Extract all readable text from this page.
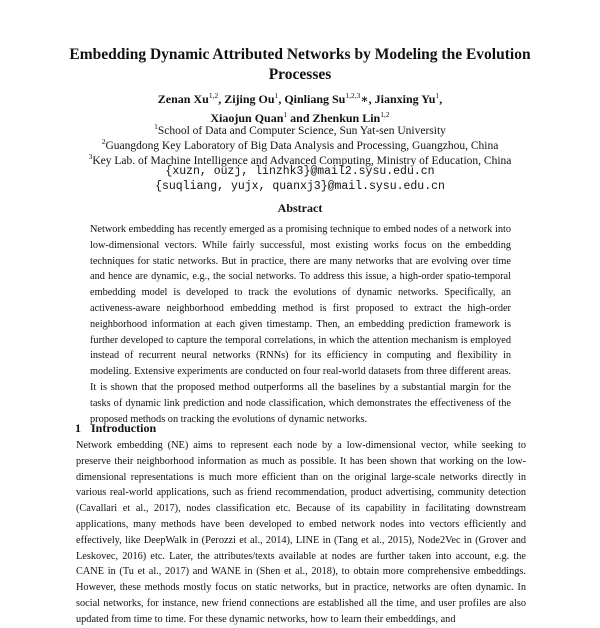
Embedding Dynamic Attributed Networks by Modeling the Evolution Processes
Zenan Xu$^{1,2}$, Zijing Ou$^1$, Qinliang Su$^{1,2,3}$∗, Jianxing Yu$^1$,
Xiaojun Quan$^1$ and Zhenkun Lin$^{1,2}$
$^1$School of Data and Computer Science, Sun Yat-sen University
$^2$Guangdong Key Laboratory of Big Data Analysis and Processing, Guangzhou, China
$^3$Key Lab. of Machine Intelligence and Advanced Computing, Ministry of Education, China
{xuzn, ouzj, linzhk3}@mail2.sysu.edu.cn
{suqliang, yujx, quanxj3}@mail.sysu.edu.cn
Abstract
Network embedding has recently emerged as a promising technique to embed nodes of a network into low-dimensional vectors. While fairly successful, most existing works focus on the embedding techniques for static networks. But in practice, there are many networks that are evolving over time and hence are dynamic, e.g., the social networks. To address this issue, a high-order spatio-temporal embedding model is developed to track the evolutions of dynamic networks. Specifically, an activeness-aware neighborhood embedding method is first proposed to extract the high-order neighborhood information at each given timestamp. Then, an embedding prediction framework is further developed to capture the temporal correlations, in which the attention mechanism is employed instead of recurrent neural networks (RNNs) for its efficiency in computing and flexibility in modeling. Extensive experiments are conducted on four real-world datasets from three different areas. It is shown that the proposed method outperforms all the baselines by a substantial margin for the tasks of dynamic link prediction and node classification, which demonstrates the effectiveness of the proposed methods on tracking the evolutions of dynamic networks.
1 Introduction
Network embedding (NE) aims to represent each node by a low-dimensional vector, while seeking to preserve their neighborhood information as much as possible. It has been shown that working on the low-dimensional representations is much more efficient than on the original large-scale networks directly in various real-world applications, such as friend recommendation, product advertising, community detection (Cavallari et al., 2017), nodes classification etc. Because of its capability in facilitating downstream applications, many methods have been developed to embed network nodes into vectors efficiently and effectively, like DeepWalk in (Perozzi et al., 2014), LINE in (Tang et al., 2015), Node2Vec in (Grover and Leskovec, 2016) etc. Later, the attributes/texts available at nodes are further taken into account, e.g. the CANE in (Tu et al., 2017) and WANE in (Shen et al., 2018), to obtain more comprehensive embeddings. However, these methods mostly focus on static networks, but in practice, networks are often dynamic. In social networks, for instance, new friend connections are established all the time, and user profiles are also updated from time to time. For these dynamic networks, how to learn their embeddings, and
